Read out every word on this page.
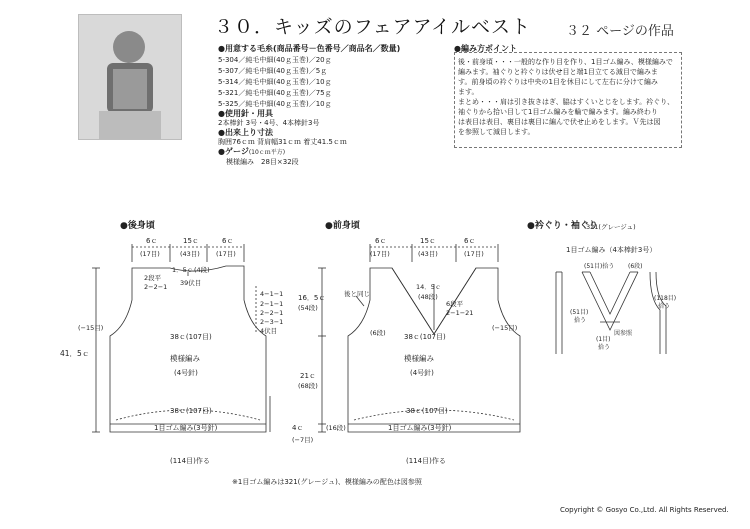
３０．キッズのフェアアイルベスト	３２ ページの作品
● 用意する毛糸(商品番号－色番号／商品名／数量)
5-304／純毛中細(40ｇ玉巻)／20ｇ
5-307／純毛中細(40ｇ玉巻)／5ｇ
5-314／純毛中細(40ｇ玉巻)／10ｇ
5-321／純毛中細(40ｇ玉巻)／75ｇ
5-325／純毛中細(40ｇ玉巻)／10ｇ
● 使用針・用具
2本棒針 3号・4号、4本棒針3号
● 出来上り寸法
胸囲76ｃｍ 背肩幅31ｃｍ 着丈41.5ｃｍ
● ゲージ(10ｃｍ平方)
模様編み　28目×32段
● 編み方ポイント
後・前身頃・・・一般的な作り目を作り、1目ゴム編み、模様編みで
編みます。袖ぐりと衿ぐりは伏せ目と端1目立てる減目で編みま
す。前身頃の衿ぐりは中央の1目を休目にして左右に分けて編み
ます。
まとめ・・・肩は引き抜きはぎ、脇はすくいとじをします。衿ぐり、
袖ぐりから拾い目して1目ゴム編みを輪で編みます。編み終わり
は表目は表目、裏目は裏目に編んで伏せ止めをします。Ｖ先は図
を参照して減目します。
● 後身頃	● 前身頃	● 衿ぐり・袖ぐり
321(グレージュ)
6ｃ	15ｃ	6ｃ
(17目)	(43目) (17目)
1．5ｃ (4段)
2段平
2−2−1 39伏目
4−1−1
2−1−1
2−2−1
2−3−1
4伏目
(−15目)
38ｃ(107目)
模様編み
(4号針)
38ｃ(107目)
1目ゴム編み(3号針)
(114目)作る
41．5ｃ
6ｃ	15ｃ	6ｃ
(17目)	(43目)	(17目)
14．5ｃ
(48段)
6段平
2−1−21
後と同じ
(6段)
16．5ｃ
(54段)
(−15目)
38ｃ(107目)
模様編み
(4号針)
21ｃ
(68段)
38ｃ(107目)
4ｃ	(16段)
(−7目)
1目ゴム編み(3号針)
(114目)作る
1目ゴム編み（4本棒針3号）
(51目)拾う (6段)
(51目)
拾う
(1目)
拾う
図参照
(118目)
拾う
※1目ゴム編みは321(グレージュ)、模様編みの配色は図参照
Copyright © Gosyo Co.,Ltd. All Rights Reserved.
